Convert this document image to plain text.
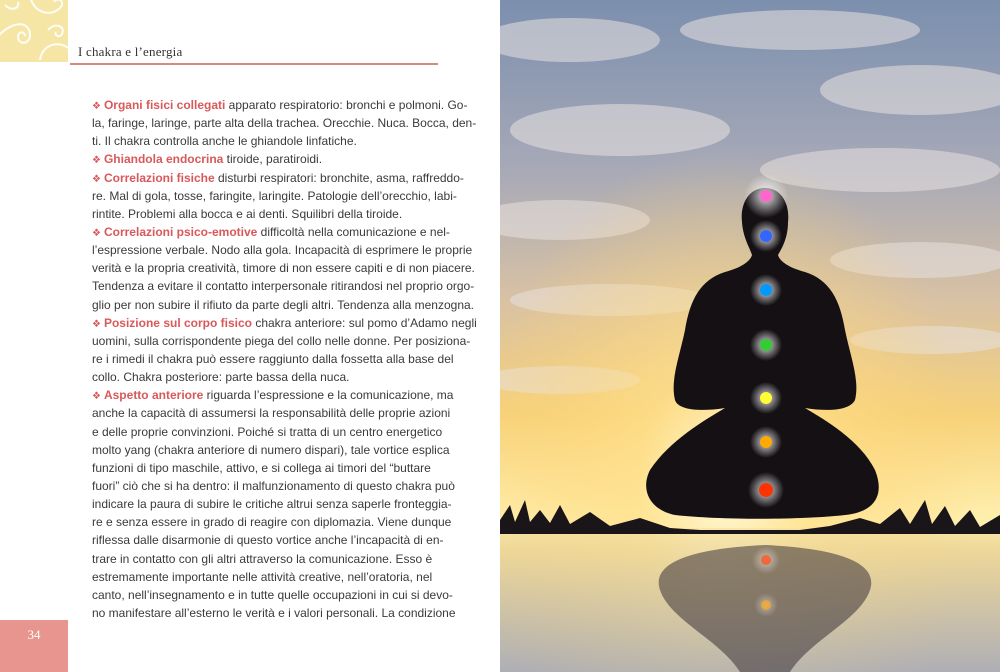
I chakra e l’energia
❖ Organi fisici collegati apparato respiratorio: bronchi e polmoni. Go-
la, faringe, laringe, parte alta della trachea. Orecchie. Nuca. Bocca, den-
ti. Il chakra controlla anche le ghiandole linfatiche.
❖ Ghiandola endocrina tiroide, paratiroidi.
❖ Correlazioni fisiche disturbi respiratori: bronchite, asma, raffreddo-
re. Mal di gola, tosse, faringite, laringite. Patologie dell’orecchio, labi-
rintite. Problemi alla bocca e ai denti. Squilibri della tiroide.
❖ Correlazioni psico-emotive difficoltà nella comunicazione e nel-
l’espressione verbale. Nodo alla gola. Incapacità di esprimere le proprie
verità e la propria creatività, timore di non essere capiti e di non piacere.
Tendenza a evitare il contatto interpersonale ritirandosi nel proprio orgo-
glio per non subire il rifiuto da parte degli altri. Tendenza alla menzogna.
❖ Posizione sul corpo fisico chakra anteriore: sul pomo d’Adamo negli
uomini, sulla corrispondente piega del collo nelle donne. Per posiziona-
re i rimedi il chakra può essere raggiunto dalla fossetta alla base del
collo. Chakra posteriore: parte bassa della nuca.
❖ Aspetto anteriore riguarda l’espressione e la comunicazione, ma
anche la capacità di assumersi la responsabilità delle proprie azioni
e delle proprie convinzioni. Poiché si tratta di un centro energetico
molto yang (chakra anteriore di numero dispari), tale vortice esplica
funzioni di tipo maschile, attivo, e si collega ai timori del “buttare
fuori” ciò che si ha dentro: il malfunzionamento di questo chakra può
indicare la paura di subire le critiche altrui senza saperle fronteggia-
re e senza essere in grado di reagire con diplomazia. Viene dunque
riflessa dalle disarmonie di questo vortice anche l’incapacità di en-
trare in contatto con gli altri attraverso la comunicazione. Esso è
estremamente importante nelle attività creative, nell’oratoria, nel
canto, nell’insegnamento e in tutte quelle occupazioni in cui si devo-
no manifestare all’esterno le verità e i valori personali. La condizione
34
